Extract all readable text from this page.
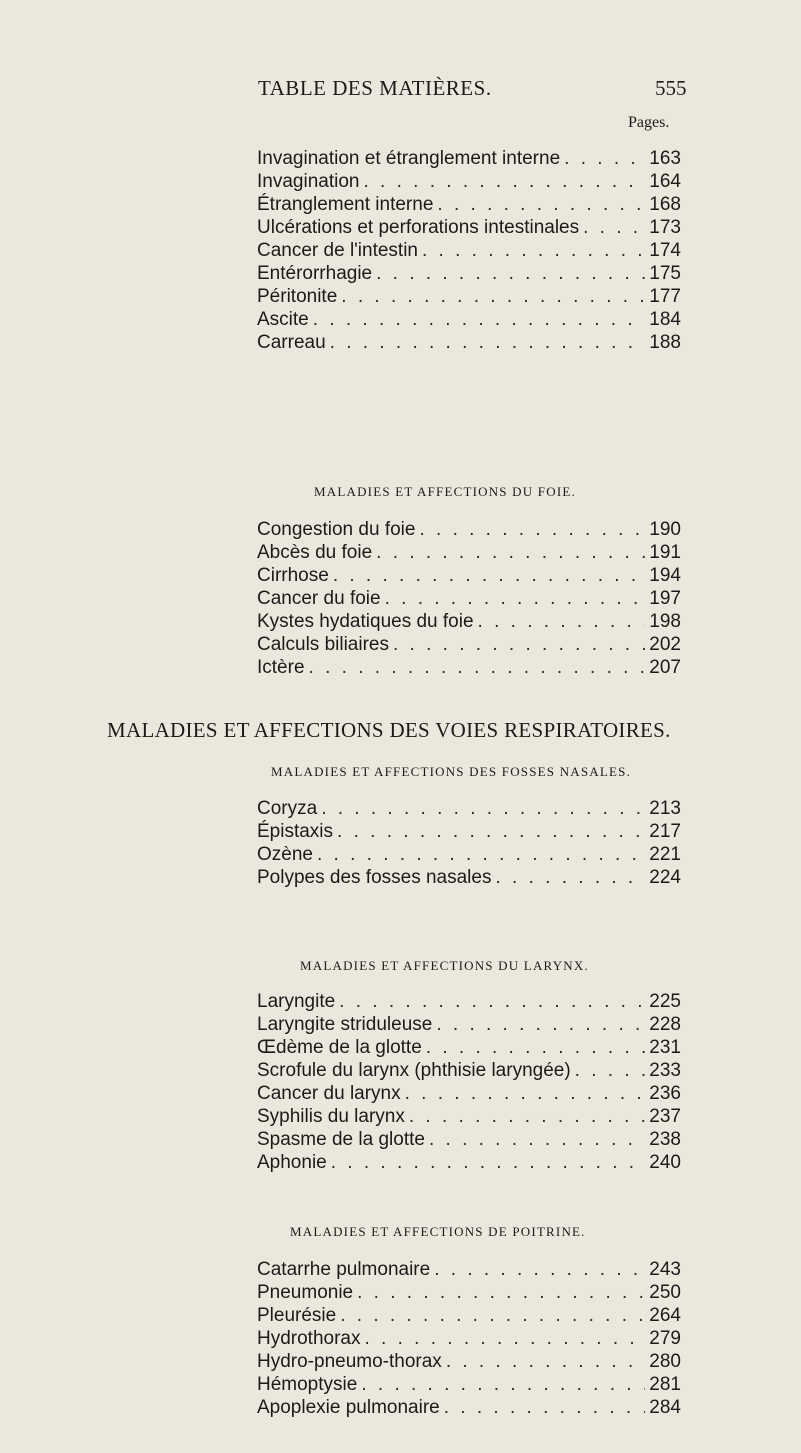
TABLE DES MATIÈRES.	555
Pages.
Invagination et étranglement interne . . .	163
Invagination . . .	164
Étranglement interne . . .	168
Ulcérations et perforations intestinales . . .	173
Cancer de l'intestin . . .	174
Entérorrhagie . . .	175
Péritonite . . .	177
Ascite . . .	184
Carreau . . .	188
MALADIES ET AFFECTIONS DU FOIE.
Congestion du foie . . .	190
Abcès du foie . . .	191
Cirrhose . . .	194
Cancer du foie . . .	197
Kystes hydatiques du foie . . .	198
Calculs biliaires . . .	202
Ictère . . .	207
MALADIES ET AFFECTIONS DES VOIES RESPIRATOIRES.
MALADIES ET AFFECTIONS DES FOSSES NASALES.
Coryza . . .	213
Épistaxis . . .	217
Ozène . . .	221
Polypes des fosses nasales . . .	224
MALADIES ET AFFECTIONS DU LARYNX.
Laryngite . . .	225
Laryngite striduleuse . . .	228
Œdème de la glotte . . .	231
Scrofule du larynx (phthisie laryngée) . . .	233
Cancer du larynx . . .	236
Syphilis du larynx . . .	237
Spasme de la glotte . . .	238
Aphonie . . .	240
MALADIES ET AFFECTIONS DE POITRINE.
Catarrhe pulmonaire . . .	243
Pneumonie . . .	250
Pleurésie . . .	264
Hydrothorax . . .	279
Hydro-pneumo-thorax . . .	280
Hémoptysie . . .	281
Apoplexie pulmonaire . . .	284
